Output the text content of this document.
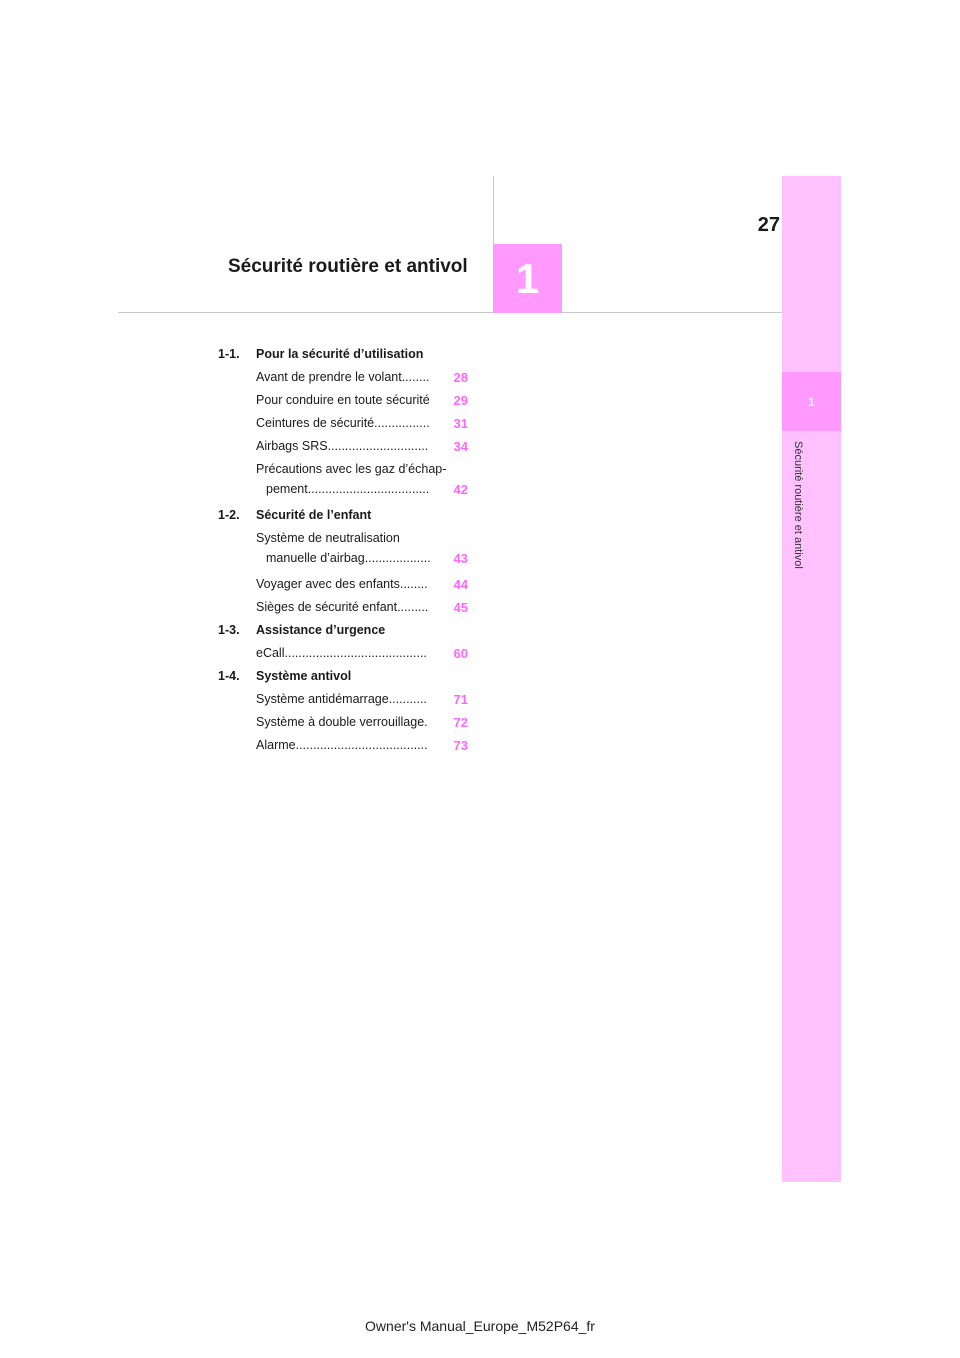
27
Sécurité routière et antivol 1
1
Sécurité routière et antivol
1-1.	Pour la sécurité d’utilisation
Avant de prendre le volant ........	28
Pour conduire en toute sécurité 29
Ceintures de sécurité ................	31
Airbags SRS .............................	34
Précautions avec les gaz d’échap-
pement ...................................	42
1-2.	Sécurité de l’enfant
Système de neutralisation
manuelle d’airbag ...................	43
Voyager avec des enfants ........	44
Sièges de sécurité enfant .........	45
1-3.	Assistance d’urgence
eCall .........................................	60
1-4.	Système antivol
Système antidémarrage ...........	71
Système à double verrouillage .	72
Alarme ......................................	73
Owner's Manual_Europe_M52P64_fr
